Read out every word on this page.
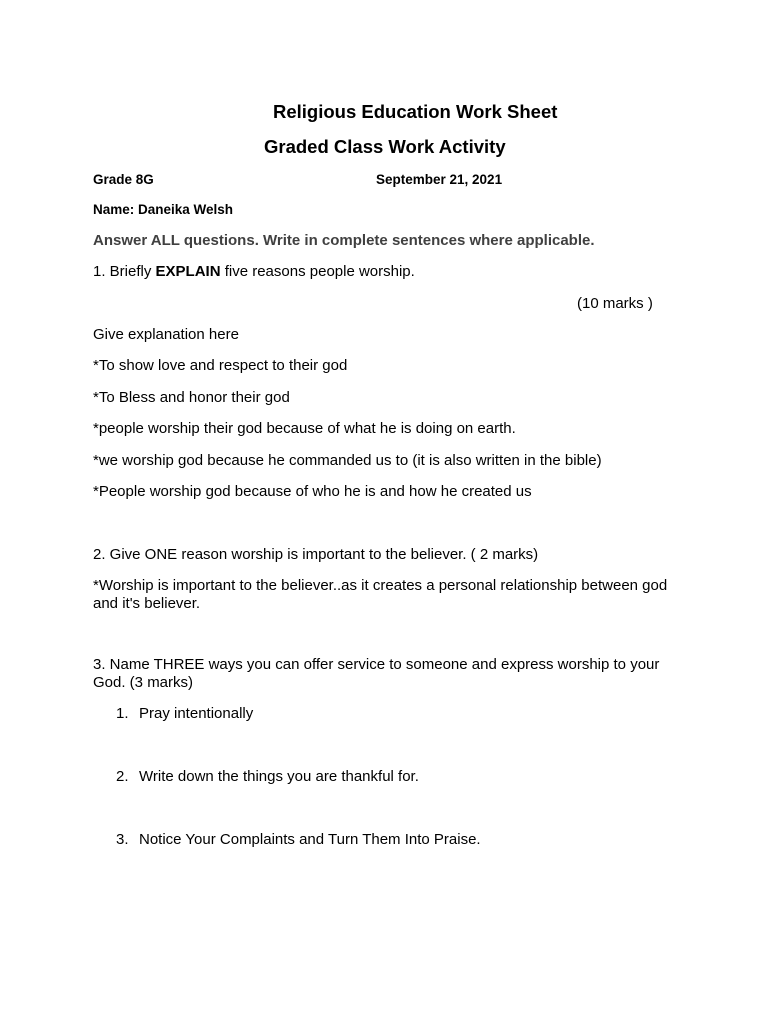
Religious Education Work Sheet
Graded Class Work Activity
Grade 8G	September 21, 2021
Name: Daneika Welsh
Answer ALL questions. Write in complete sentences where applicable.
1. Briefly EXPLAIN five reasons people worship.
(10 marks )
Give explanation here
*To show love and respect to their god
*To Bless and honor their god
*people worship their god because of what he is doing on earth.
*we worship god because he commanded us to (it is also written in the bible)
*People worship god because of who he is and how he created us
2. Give ONE reason worship is important to the believer. ( 2 marks)
*Worship is important to the believer..as it creates a personal relationship between god and it's believer.
3. Name THREE ways you can offer service to someone and express worship to your God. (3 marks)
1. Pray intentionally
2. Write down the things you are thankful for.
3. Notice Your Complaints and Turn Them Into Praise.
